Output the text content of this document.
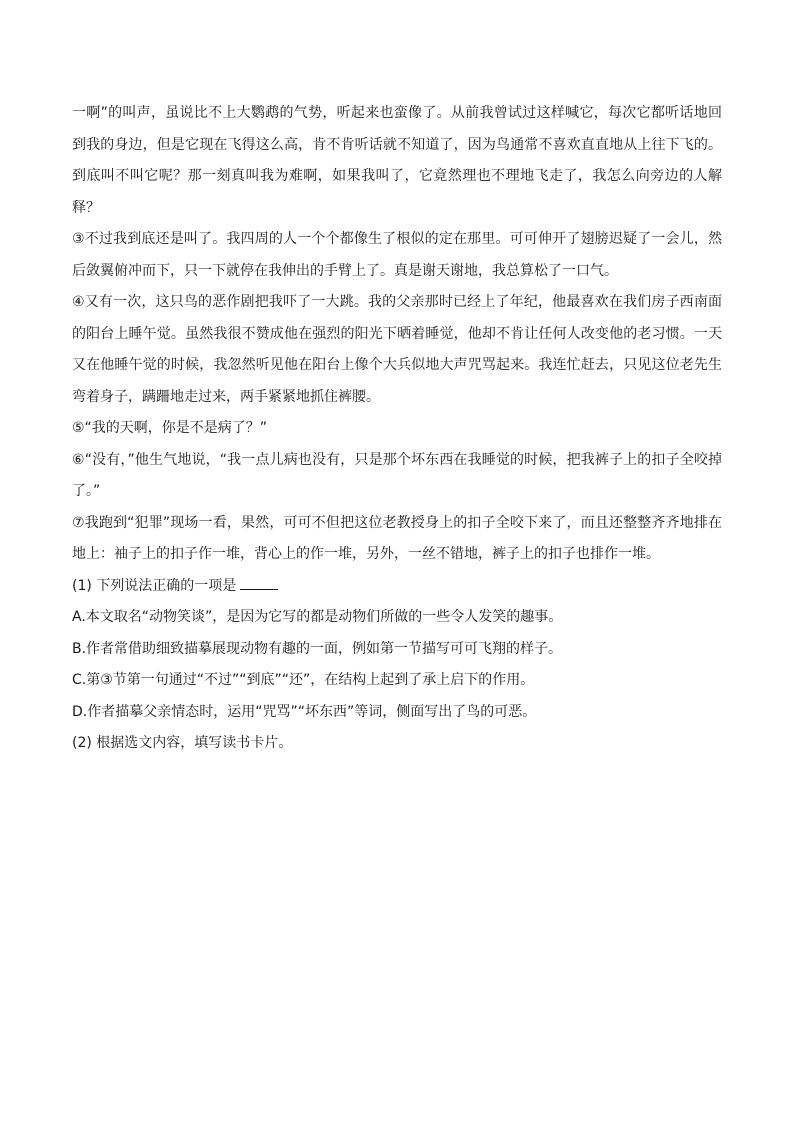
一啊”的叫声，虽说比不上大鹦鹉的气势，听起来也蛮像了。从前我曾试过这样喊它，每次它都听话地回到我的身边，但是它现在飞得这么高，肯不肯听话就不知道了，因为鸟通常不喜欢直直地从上往下飞的。到底叫不叫它呢？那一刻真叫我为难啊，如果我叫了，它竟然理也不理地飞走了，我怎么向旁边的人解释？

③不过我到底还是叫了。我四周的人一个个都像生了根似的定在那里。可可伸开了翅膀迟疑了一会儿，然后敛翼俯冲而下，只一下就停在我伸出的手臂上了。真是谢天谢地，我总算松了一口气。

④又有一次，这只鸟的恶作剧把我吓了一大跳。我的父亲那时已经上了年纪，他最喜欢在我们房子西南面的阳台上睡午觉。虽然我很不赞成他在强烈的阳光下晒着睡觉，他却不肯让任何人改变他的老习惯。一天又在他睡午觉的时候，我忽然听见他在阳台上像个大兵似地大声咒骂起来。我连忙赶去，只见这位老先生弯着身子，蹒跚地走过来，两手紧紧地抓住裤腰。

⑤“我的天啊，你是不是病了？”

⑥“没有，”他生气地说，“我一点儿病也没有，只是那个坏东西在我睡觉的时候，把我裤子上的扣子全咬掉了。”

⑦我跑到“犯罪”现场一看，果然，可可不但把这位老教授身上的扣子全咬下来了，而且还整整齐齐地排在地上：袖子上的扣子作一堆，背心上的作一堆，另外，一丝不错地，裤子上的扣子也排作一堆。

(1) 下列说法正确的一项是

A.本文取名“动物笑谈”，是因为它写的都是动物们所做的一些令人发笑的趣事。

B.作者常借助细致描摹展现动物有趣的一面，例如第一节描写可可飞翔的样子。

C.第③节第一句通过“不过”“到底”“还”，在结构上起到了承上启下的作用。

D.作者描摹父亲情态时，运用“咒骂”“坏东西”等词，侧面写出了鸟的可恶。

(2) 根据选文内容，填写读书卡片。
